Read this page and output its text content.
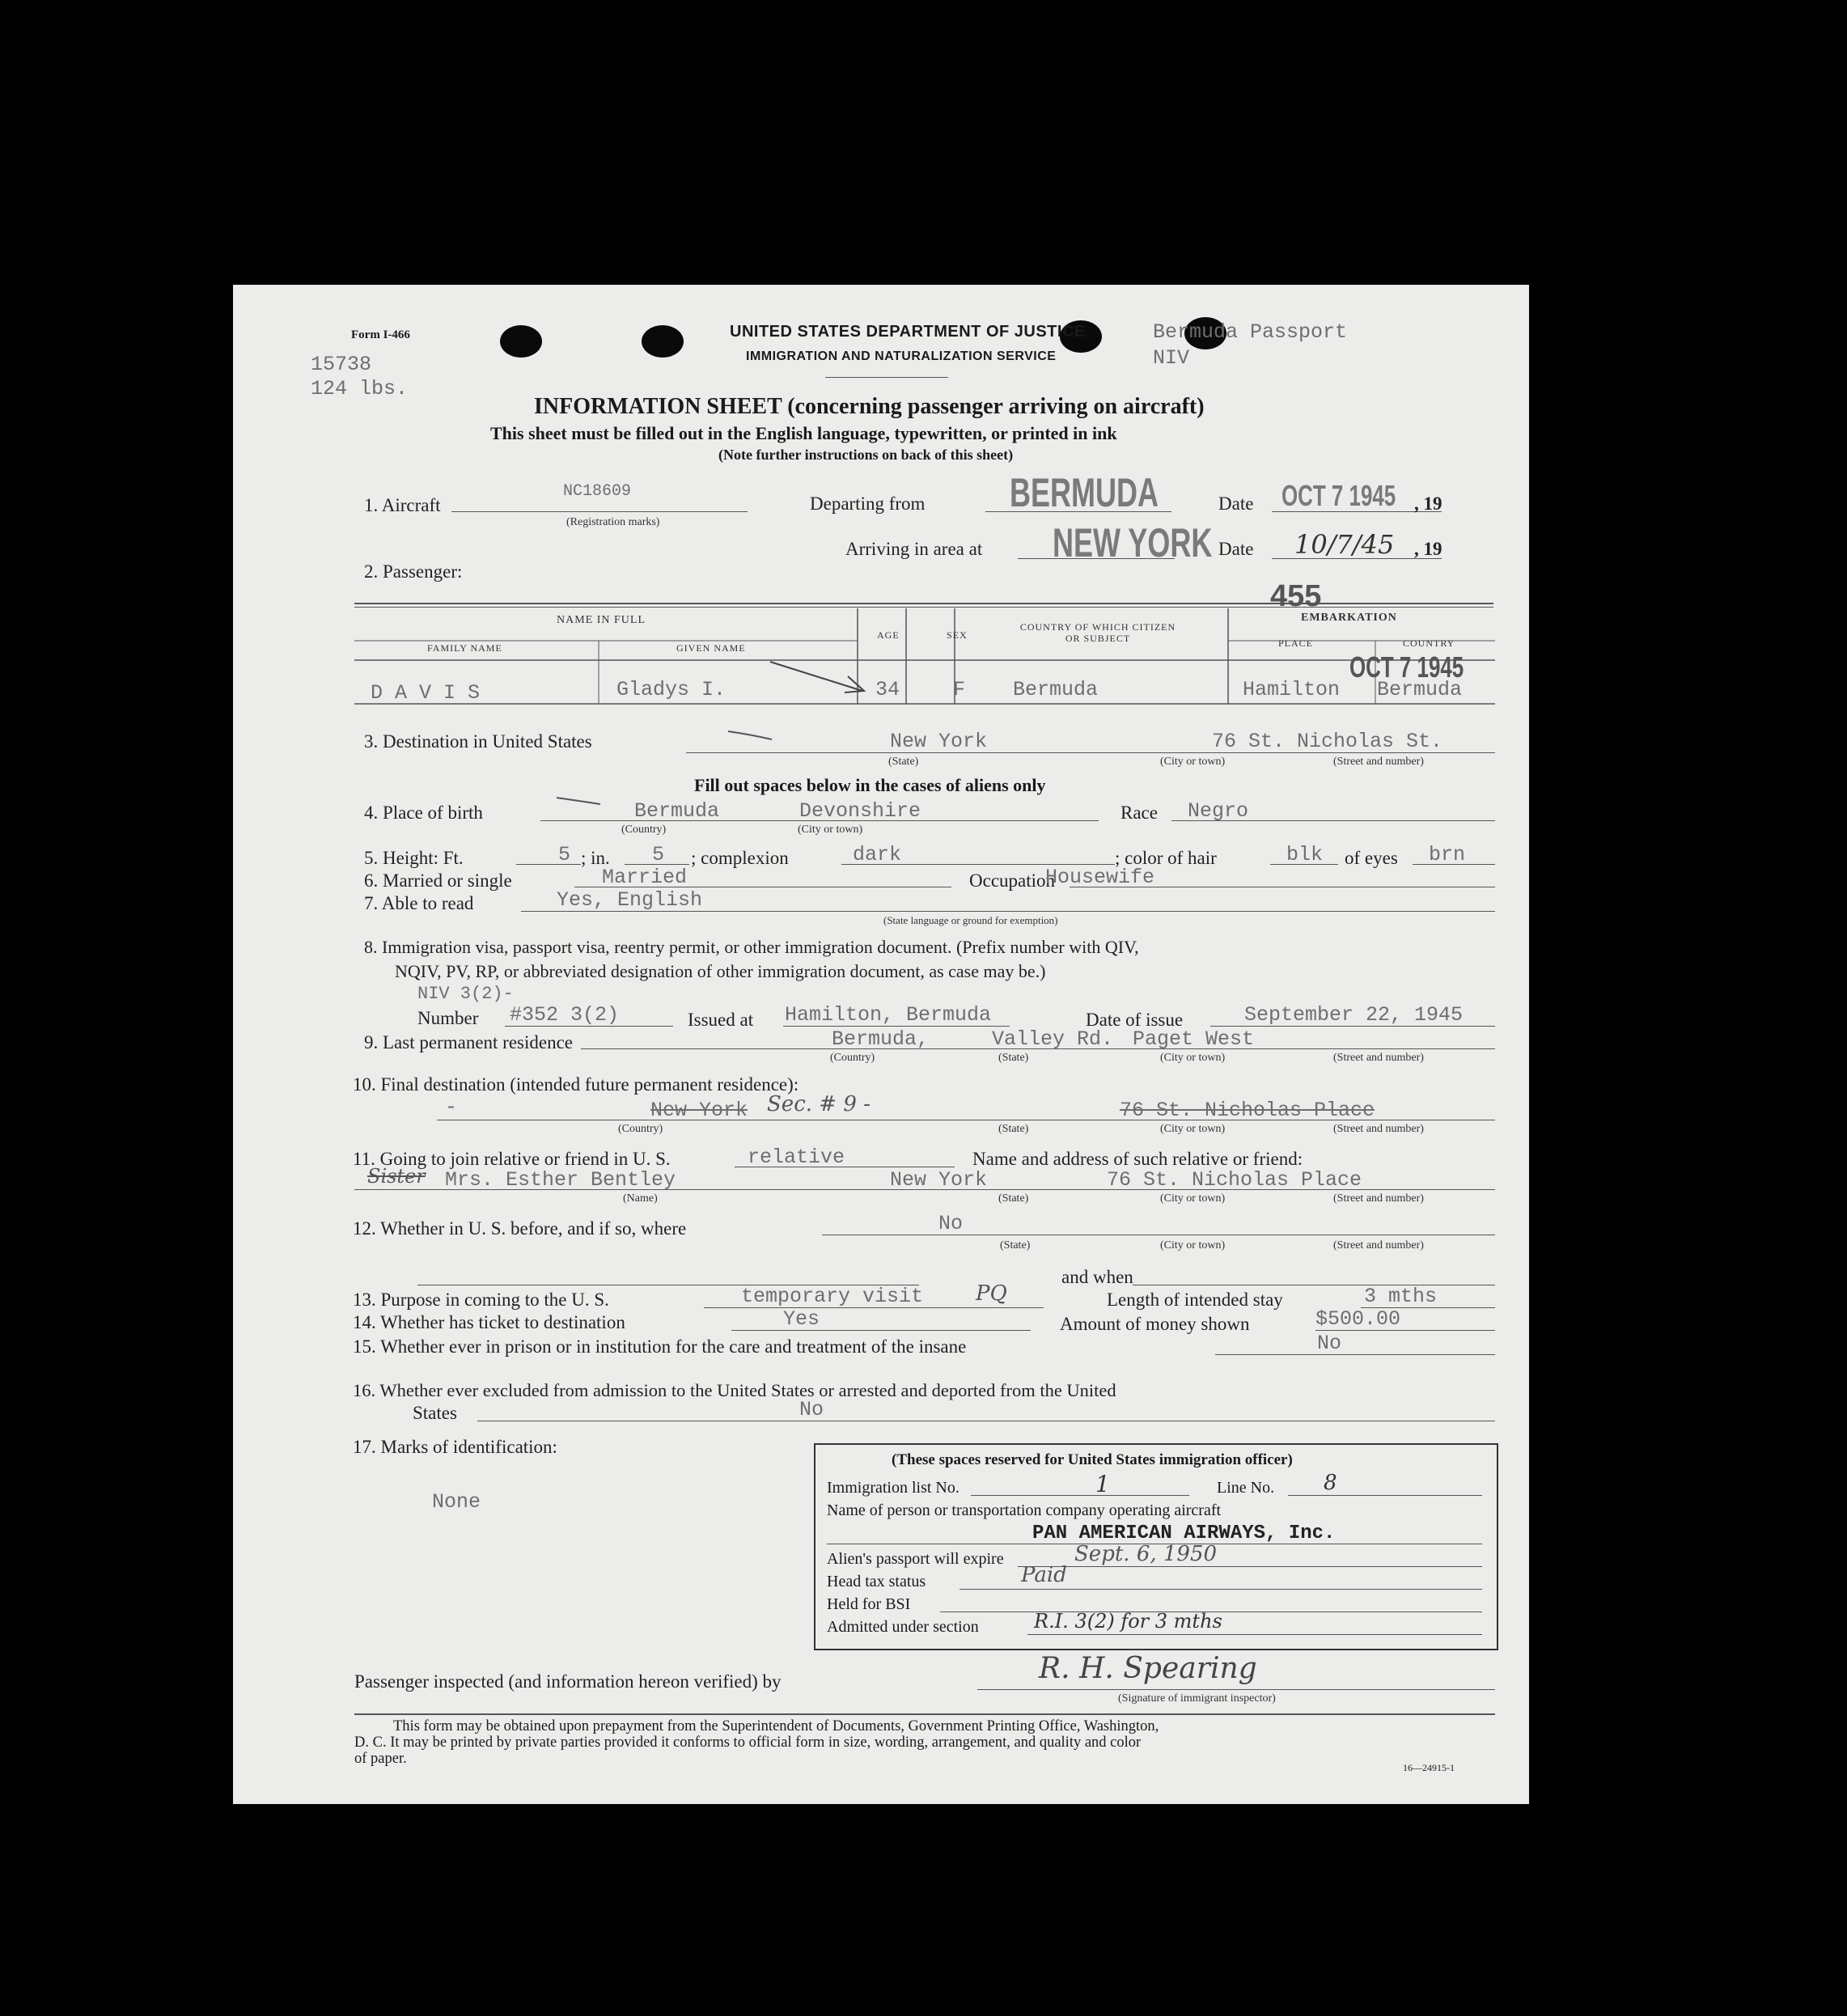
Form I-466
15738
124 lbs.
Bermuda Passport
NIV
UNITED STATES DEPARTMENT OF JUSTICE
IMMIGRATION AND NATURALIZATION SERVICE
INFORMATION SHEET (concerning passenger arriving on aircraft)
This sheet must be filled out in the English language, typewritten, or printed in ink
(Note further instructions on back of this sheet)
1. Aircraft
NC18609
(Registration marks)
Departing from BERMUDA	Date OCT 7 1945 , 19
Arriving in area at NEW YORK Date 10/7/45 , 19
2. Passenger:
455
NAME IN FULL
FAMILY NAME	GIVEN NAME
AGE	SEX
COUNTRY OF WHICH CITIZEN OR SUBJECT
EMBARKATION
PLACE	COUNTRY
D A V I S	Gladys I.	34	F Bermuda	Hamilton Bermuda
OCT 7 1945
3. Destination in United States	New York	76 St. Nicholas St.
(State)	(City or town)	(Street and number)
Fill out spaces below in the cases of aliens only
4. Place of birth	Bermuda	Devonshire
(Country)	(City or town)
Race Negro
5. Height: Ft.	5 ; in. 5 ; complexion	dark	; color of hair	blk of eyes brn
6. Married or single	Married	Occupation
Housewife
7. Able to read	Yes, English
(State language or ground for exemption)
8. Immigration visa, passport visa, reentry permit, or other immigration document. (Prefix number with QIV,
NQIV, PV, RP, or abbreviated designation of other immigration document, as case may be.)
NIV 3(2)-
Number #352 3(2)	Issued at Hamilton, Bermuda	Date of issue	September 22, 1945
9. Last permanent residence	Bermuda,	Valley Rd. Paget West
(Country)	(State)	(City or town)	(Street and number)
10. Final destination (intended future permanent residence):
-	New York Sec. # 9 -	76 St. Nicholas Place
(Country)	(State)	(City or town)	(Street and number)
11. Going to join relative or friend in U. S.	relative	Name and address of such relative or friend:
Sister Mrs. Esther Bentley	New York	76 St. Nicholas Place
(Name)	(State)	(City or town)	(Street and number)
12. Whether in U. S. before, and if so, where	No
(State)	(City or town)	(Street and number)
and when
13. Purpose in coming to the U. S.	temporary visit PQ	Length of intended stay	3 mths
14. Whether has ticket to destination	Yes	Amount of money shown	$500.00
15. Whether ever in prison or in institution for the care and treatment of the insane	No
16. Whether ever excluded from admission to the United States or arrested and deported from the United
States	No
17. Marks of identification:
None
(These spaces reserved for United States immigration officer)
Immigration list No.	1	Line No. 8
Name of person or transportation company operating aircraft
PAN AMERICAN AIRWAYS, Inc.
Alien's passport will expire	Sept. 6, 1950
Head tax status	Paid
Held for BSI
Admitted under section	R.I. 3(2) for 3 mths
Passenger inspected (and information hereon verified) by	R. H. Spearing
(Signature of immigrant inspector)
This form may be obtained upon prepayment from the Superintendent of Documents, Government Printing Office, Washington,
D. C. It may be printed by private parties provided it conforms to official form in size, wording, arrangement, and quality and color
of paper.
16—24915-1
